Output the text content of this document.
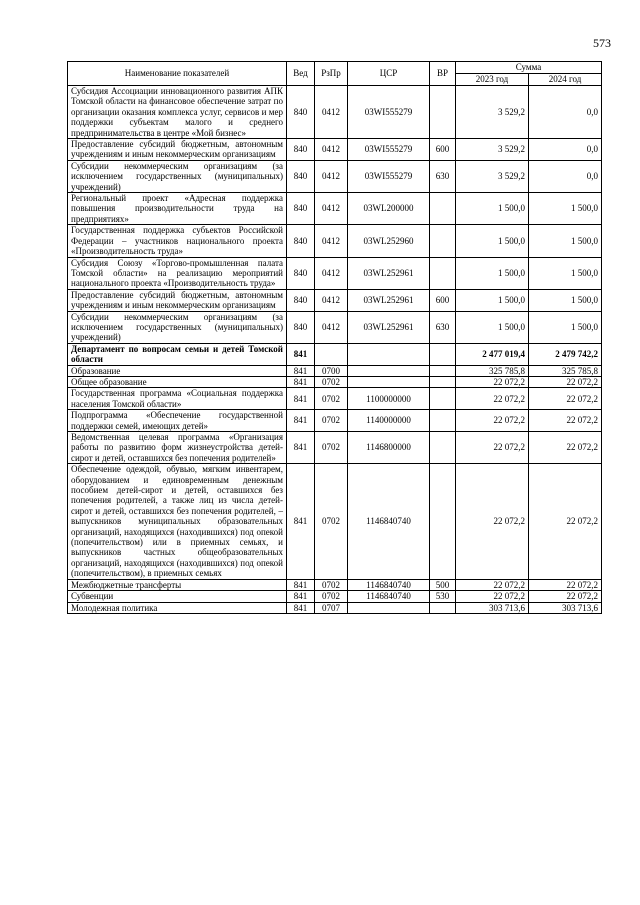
573
Наименование показателей	Вед	РзПр	ЦСР	ВР	Сумма	
					2023 год	2024 год
Субсидия Ассоциации инновационного развития АПК Томской области на финансовое обеспечение затрат по организации оказания комплекса услуг, сервисов и мер поддержки субъектам малого и среднего предпринимательства в центре «Мой бизнес»	840	0412	03WI555279		3 529,2	0,0
Предоставление субсидий бюджетным, автономным учреждениям и иным некоммерческим организациям	840	0412	03WI555279	600	3 529,2	0,0
Субсидии некоммерческим организациям (за исключением государственных (муниципальных) учреждений)	840	0412	03WI555279	630	3 529,2	0,0
Региональный проект «Адресная поддержка повышения производительности труда на предприятиях»	840	0412	03WL200000		1 500,0	1 500,0
Государственная поддержка субъектов Российской Федерации – участников национального проекта «Производительность труда»	840	0412	03WL252960		1 500,0	1 500,0
Субсидия Союзу «Торгово-промышленная палата Томской области» на реализацию мероприятий национального проекта «Производительность труда»	840	0412	03WL252961		1 500,0	1 500,0
Предоставление субсидий бюджетным, автономным учреждениям и иным некоммерческим организациям	840	0412	03WL252961	600	1 500,0	1 500,0
Субсидии некоммерческим организациям (за исключением государственных (муниципальных) учреждений)	840	0412	03WL252961	630	1 500,0	1 500,0
Департамент по вопросам семьи и детей Томской области	841				2 477 019,4	2 479 742,2
Образование	841	0700			325 785,8	325 785,8
Общее образование	841	0702			22 072,2	22 072,2
Государственная программа «Социальная поддержка населения Томской области»	841	0702	1100000000		22 072,2	22 072,2
Подпрограмма «Обеспечение государственной поддержки семей, имеющих детей»	841	0702	1140000000		22 072,2	22 072,2
Ведомственная целевая программа «Организация работы по развитию форм жизнеустройства детей-сирот и детей, оставшихся без попечения родителей»	841	0702	1146800000		22 072,2	22 072,2
Обеспечение одеждой, обувью, мягким инвентарем, оборудованием и единовременным денежным пособием детей-сирот и детей, оставшихся без попечения родителей, а также лиц из числа детей-сирот и детей, оставшихся без попечения родителей, – выпускников муниципальных образовательных организаций, находящихся (находившихся) под опекой (попечительством) или в приемных семьях, и выпускников частных общеобразовательных организаций, находящихся (находившихся) под опекой (попечительством), в приемных семьях	841	0702	1146840740		22 072,2	22 072,2
Межбюджетные трансферты	841	0702	1146840740	500	22 072,2	22 072,2
Субвенции	841	0702	1146840740	530	22 072,2	22 072,2
Молодежная политика	841	0707			303 713,6	303 713,6
